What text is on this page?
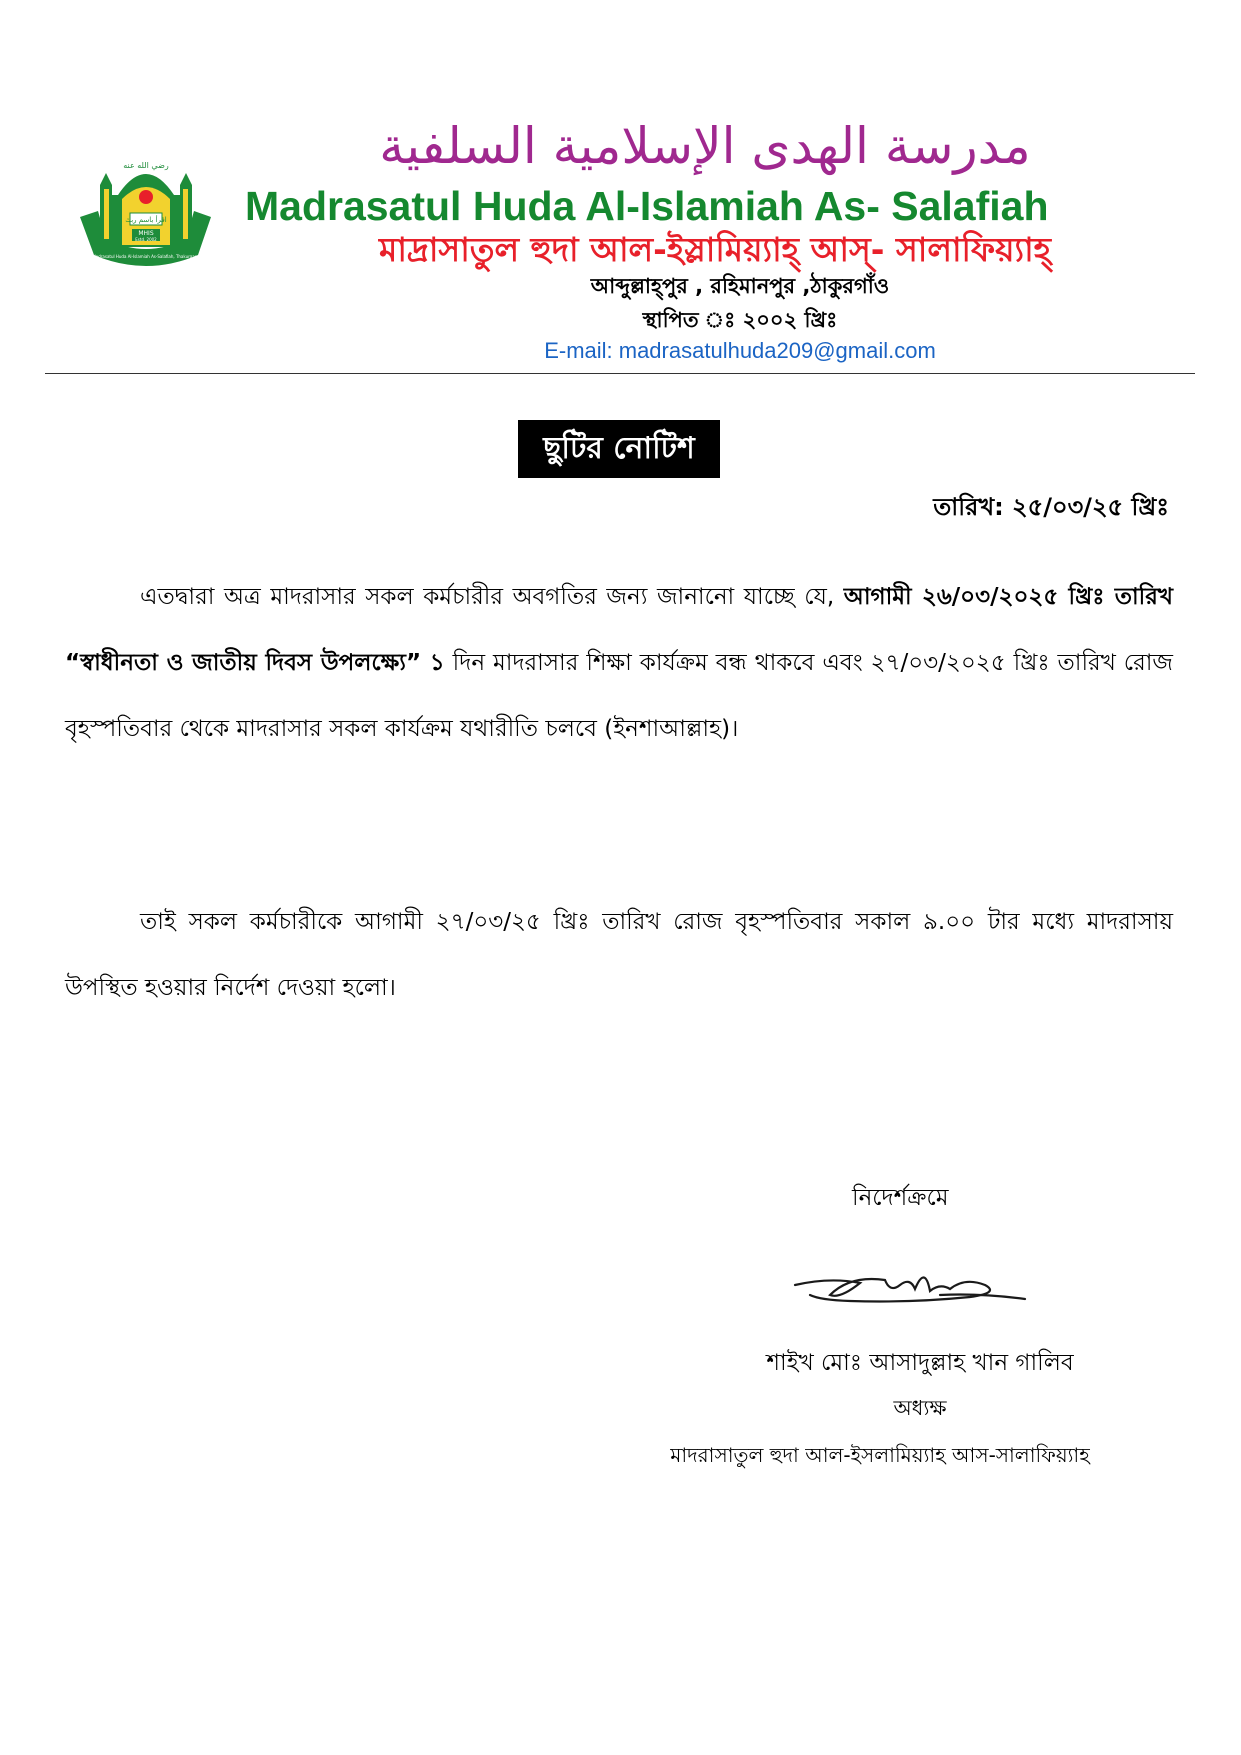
رضي الله عنه
اقرأ باسم ربك
MHIS
Estd. 2002
Madrasatul Huda Al-Islamiah As-Salafiah, Thakurgaon
مدرسة الهدى الإسلامية السلفية
Madrasatul Huda Al-Islamiah As- Salafiah
মাদ্রাসাতুল হুদা আল-ইস্লামিয়্যাহ্ আস্- সালাফিয়্যাহ্
আব্দুল্লাহ্পুর , রহিমানপুর ,ঠাকুরগাঁও
স্থাপিত ঃ ২০০২ খ্রিঃ
E-mail: madrasatulhuda209@gmail.com
ছুটির নোটিশ
তারিখ: ২৫/০৩/২৫ খ্রিঃ
এতদ্বারা অত্র মাদরাসার সকল কর্মচারীর অবগতির জন্য জানানো যাচ্ছে যে, আগামী ২৬/০৩/২০২৫ খ্রিঃ তারিখ “স্বাধীনতা ও জাতীয় দিবস উপলক্ষ্যে” ১ দিন মাদরাসার শিক্ষা কার্যক্রম বন্ধ থাকবে এবং ২৭/০৩/২০২৫ খ্রিঃ তারিখ রোজ বৃহস্পতিবার থেকে মাদরাসার সকল কার্যক্রম যথারীতি চলবে (ইনশাআল্লাহ)।
তাই সকল কর্মচারীকে আগামী ২৭/০৩/২৫ খ্রিঃ তারিখ রোজ বৃহস্পতিবার সকাল ৯.০০ টার মধ্যে মাদরাসায় উপস্থিত হওয়ার নির্দেশ দেওয়া হলো।
নিদের্শক্রমে
শাইখ মোঃ আসাদুল্লাহ খান গালিব
অধ্যক্ষ
মাদরাসাতুল হুদা আল-ইসলামিয়্যাহ আস-সালাফিয়্যাহ
